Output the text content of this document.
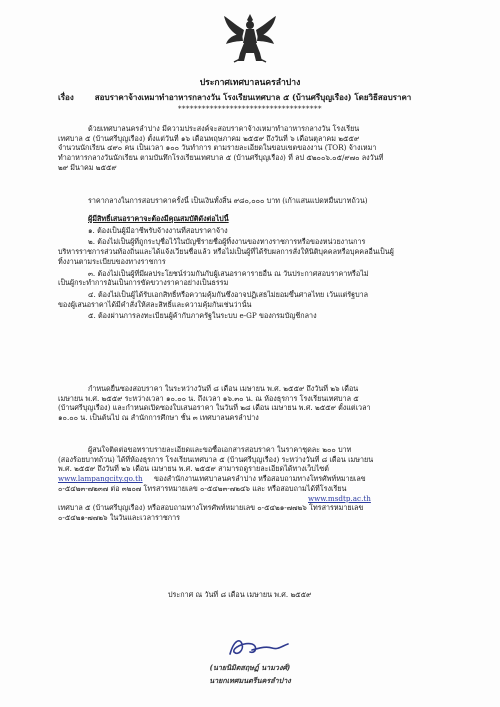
ประกาศเทศบาลนครลำปาง
เรื่อง	สอบราคาจ้างเหมาทำอาหารกลางวัน โรงเรียนเทศบาล ๕ (บ้านศรีบุญเรือง) โดยวิธีสอบราคา
************************************
ด้วยเทศบาลนครลำปาง มีความประสงค์จะสอบราคาจ้างเหมาทำอาหารกลางวัน โรงเรียน
เทศบาล ๕ (บ้านศรีบุญเรือง) ตั้งแต่วันที่ ๑๖ เดือนพฤษภาคม ๒๕๕๙ ถึงวันที่ ๖ เดือนตุลาคม ๒๕๕๙
จำนวนนักเรียน ๔๙๐ คน เป็นเวลา ๑๐๐ วันทำการ ตามรายละเอียดในขอบเขตของงาน (TOR) จ้างเหมา
ทำอาหารกลางวันนักเรียน ตามบันทึกโรงเรียนเทศบาล ๕ (บ้านศรีบุญเรือง) ที่ ลป ๕๒๐๐๖.๐๕/๙๗๐ ลงวันที่
๒๙ มีนาคม ๒๕๕๙
ราคากลางในการสอบราคาครั้งนี้ เป็นเงินทั้งสิ้น ๙๘๐,๐๐๐ บาท (เก้าแสนแปดหมื่นบาทถ้วน)
ผู้มีสิทธิ์เสนอราคาจะต้องมีคุณสมบัติดังต่อไปนี้
๑. ต้องเป็นผู้มีอาชีพรับจ้างงานที่สอบราคาจ้าง
๒. ต้องไม่เป็นผู้ที่ถูกระบุชื่อไว้ในบัญชีรายชื่อผู้ทิ้งงานของทางราชการหรือของหน่วยงานการ
บริหารราชการส่วนท้องถิ่นและได้แจ้งเวียนชื่อแล้ว หรือไม่เป็นผู้ที่ได้รับผลการสั่งให้นิติบุคคลหรือบุคคลอื่นเป็นผู้
ทิ้งงานตามระเบียบของทางราชการ
๓. ต้องไม่เป็นผู้ที่มีผลประโยชน์ร่วมกันกับผู้เสนอราคารายอื่น ณ วันประกาศสอบราคาหรือไม่
เป็นผู้กระทำการอันเป็นการขัดขวางราคาอย่างเป็นธรรม
๔. ต้องไม่เป็นผู้ได้รับเอกสิทธิ์หรือความคุ้มกันซึ่งอาจปฏิเสธไม่ยอมขึ้นศาลไทย เว้นแต่รัฐบาล
ของผู้เสนอราคาได้มีคำสั่งให้สละสิทธิ์และความคุ้มกันเช่นว่านั้น
๕. ต้องผ่านการลงทะเบียนผู้ค้ากับภาครัฐในระบบ e-GP ของกรมบัญชีกลาง
กำหนดยื่นซองสอบราคา ในระหว่างวันที่ ๘ เดือน เมษายน พ.ศ. ๒๕๕๙ ถึงวันที่ ๒๖ เดือน
เมษายน พ.ศ. ๒๕๕๙ ระหว่างเวลา ๑๐.๐๐ น. ถึงเวลา ๑๖.๓๐ น. ณ ห้องธุรการ โรงเรียนเทศบาล ๕
(บ้านศรีบุญเรือง) และกำหนดเปิดซองใบเสนอราคา ในวันที่ ๒๘ เดือน เมษายน พ.ศ. ๒๕๕๙ ตั้งแต่เวลา
๑๐.๐๐ น. เป็นต้นไป ณ สำนักการศึกษา ชั้น ๓ เทศบาลนครลำปาง
ผู้สนใจติดต่อขอทราบรายละเอียดและขอซื้อเอกสารสอบราคา ในราคาชุดละ ๒๐๐ บาท
(สองร้อยบาทถ้วน) ได้ที่ห้องธุรการ โรงเรียนเทศบาล ๕ (บ้านศรีบุญเรือง) ระหว่างวันที่ ๘ เดือน เมษายน
พ.ศ. ๒๕๕๙ ถึงวันที่ ๒๖ เดือน เมษายน พ.ศ. ๒๕๕๙ สามารถดูรายละเอียดได้ทางเว็บไซต์
www.lampangcity.go.th ของสำนักงานเทศบาลนครลำปาง หรือสอบถามทางโทรศัพท์หมายเลข
๐-๕๔๒๓-๗๒๓๗ ต่อ ๓๒๐๗ โทรสารหมายเลข ๐-๕๔๒๓-๗๒๔๖ และ หรือสอบถามได้ที่โรงเรียน
www.msdtp.ac.th
เทศบาล ๕ (บ้านศรีบุญเรือง) หรือสอบถามทางโทรศัพท์หมายเลข ๐-๕๔๒๑-๗๗๒๖ โทรสารหมายเลข
๐-๕๔๒๑-๗๗๒๖ ในวันและเวลาราชการ
ประกาศ ณ วันที่ ๘ เดือน เมษายน พ.ศ. ๒๕๕๙
(นายนิมิตสฤษฏ์ นามวงศ์)
นายกเทศมนตรีนครลำปาง
